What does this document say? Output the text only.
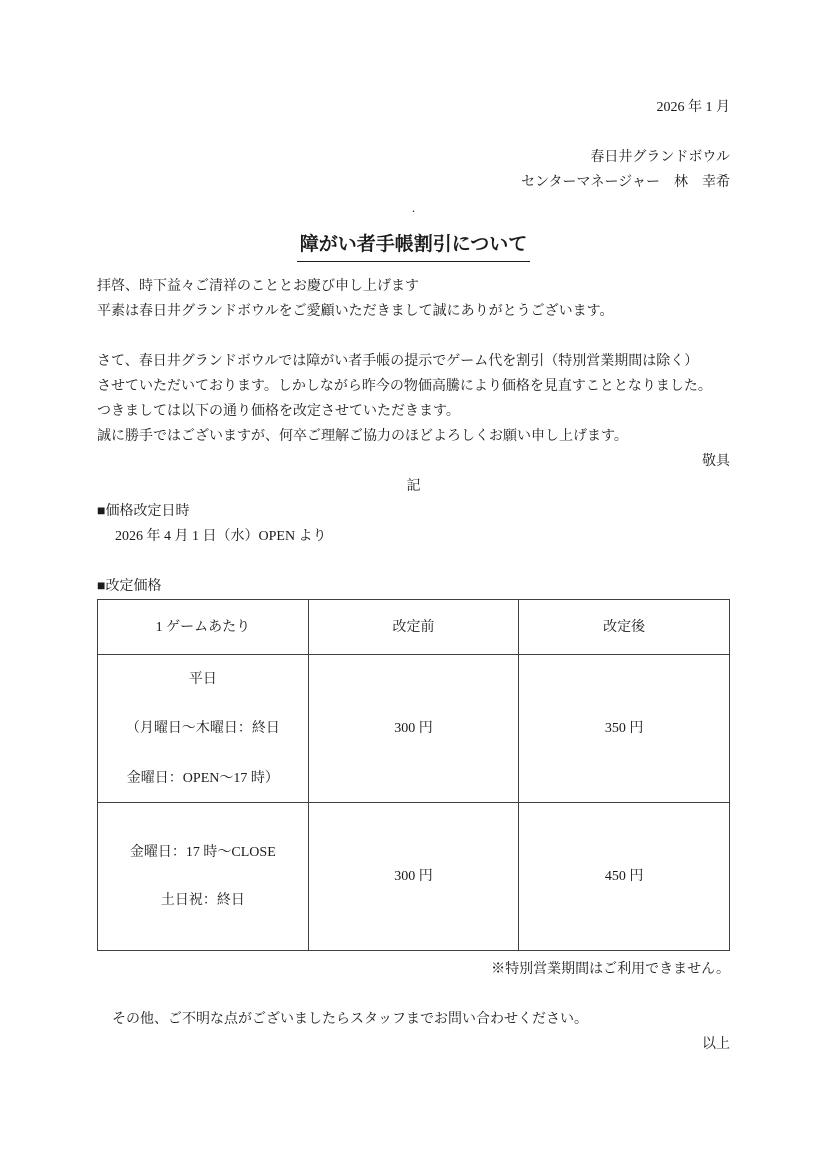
2026 年 1 月
春日井グランドボウル
センターマネージャー　林　幸希
.
障がい者手帳割引について
拝啓、時下益々ご清祥のこととお慶び申し上げます
平素は春日井グランドボウルをご愛顧いただきまして誠にありがとうございます。
さて、春日井グランドボウルでは障がい者手帳の提示でゲーム代を割引（特別営業期間は除く）
させていただいております。しかしながら昨今の物価高騰により価格を見直すこととなりました。
つきましては以下の通り価格を改定させていただきます。
誠に勝手ではございますが、何卒ご理解ご協力のほどよろしくお願い申し上げます。
敬具
記
■価格改定日時
2026 年 4 月 1 日（水）OPEN より
■改定価格
1 ゲームあたり	改定前	改定後

平日
（月曜日～木曜日：終日
金曜日：OPEN～17 時）	300 円	350 円

金曜日：17 時～CLOSE
土日祝：終日	300 円	450 円
※特別営業期間はご利用できません。
その他、ご不明な点がございましたらスタッフまでお問い合わせください。
以上
